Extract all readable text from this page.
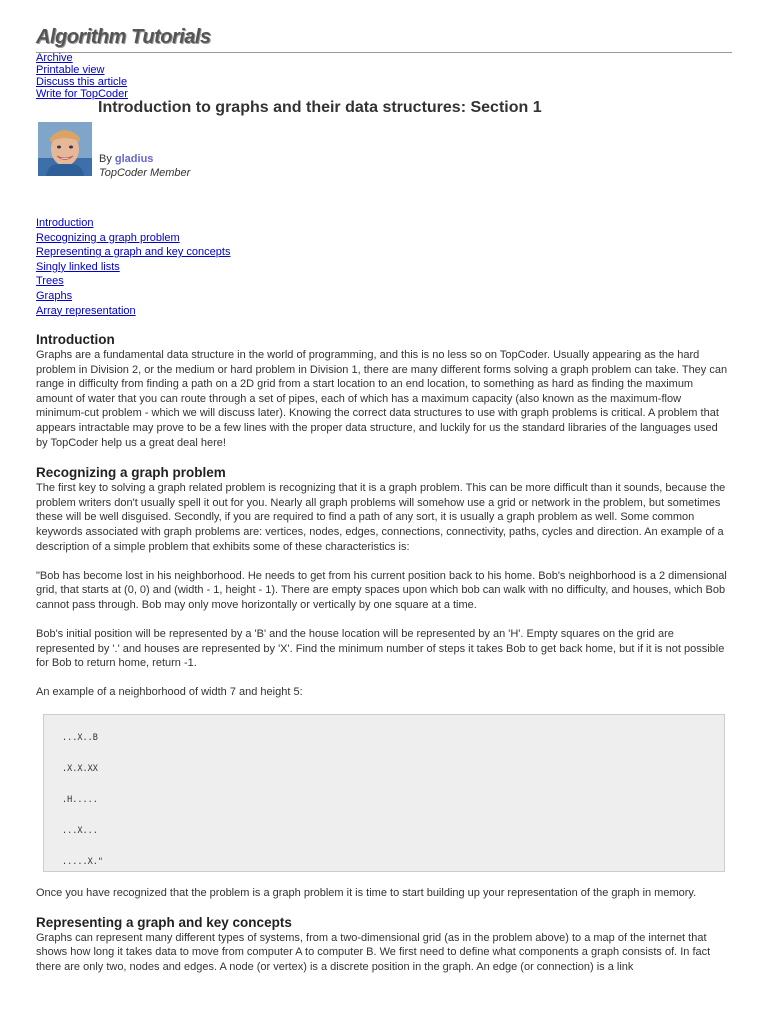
Algorithm Tutorials
Archive
Printable view
Discuss this article
Write for TopCoder
Introduction to graphs and their data structures: Section 1
By gladius
TopCoder Member
Introduction
Recognizing a graph problem
Representing a graph and key concepts
Singly linked lists
Trees
Graphs
Array representation
Introduction

Graphs are a fundamental data structure in the world of programming, and this is no less so on TopCoder. Usually appearing as the hard problem in Division 2, or the medium or hard problem in Division 1, there are many different forms solving a graph problem can take. They can range in difficulty from finding a path on a 2D grid from a start location to an end location, to something as hard as finding the maximum amount of water that you can route through a set of pipes, each of which has a maximum capacity (also known as the maximum-flow minimum-cut problem - which we will discuss later). Knowing the correct data structures to use with graph problems is critical. A problem that appears intractable may prove to be a few lines with the proper data structure, and luckily for us the standard libraries of the languages used by TopCoder help us a great deal here!

Recognizing a graph problem

The first key to solving a graph related problem is recognizing that it is a graph problem. This can be more difficult than it sounds, because the problem writers don't usually spell it out for you. Nearly all graph problems will somehow use a grid or network in the problem, but sometimes these will be well disguised. Secondly, if you are required to find a path of any sort, it is usually a graph problem as well. Some common keywords associated with graph problems are: vertices, nodes, edges, connections, connectivity, paths, cycles and direction. An example of a description of a simple problem that exhibits some of these characteristics is:

"Bob has become lost in his neighborhood. He needs to get from his current position back to his home. Bob's neighborhood is a 2 dimensional grid, that starts at (0, 0) and (width - 1, height - 1). There are empty spaces upon which bob can walk with no difficulty, and houses, which Bob cannot pass through. Bob may only move horizontally or vertically by one square at a time.

Bob's initial position will be represented by a 'B' and the house location will be represented by an 'H'. Empty squares on the grid are represented by '.' and houses are represented by 'X'. Find the minimum number of steps it takes Bob to get back home, but if it is not possible for Bob to return home, return -1.

An example of a neighborhood of width 7 and height 5:

...X..B
.X.X.XX
.H.....
...X...
.....X."

Once you have recognized that the problem is a graph problem it is time to start building up your representation of the graph in memory.

Representing a graph and key concepts

Graphs can represent many different types of systems, from a two-dimensional grid (as in the problem above) to a map of the internet that shows how long it takes data to move from computer A to computer B. We first need to define what components a graph consists of. In fact there are only two, nodes and edges. A node (or vertex) is a discrete position in the graph. An edge (or connection) is a link
